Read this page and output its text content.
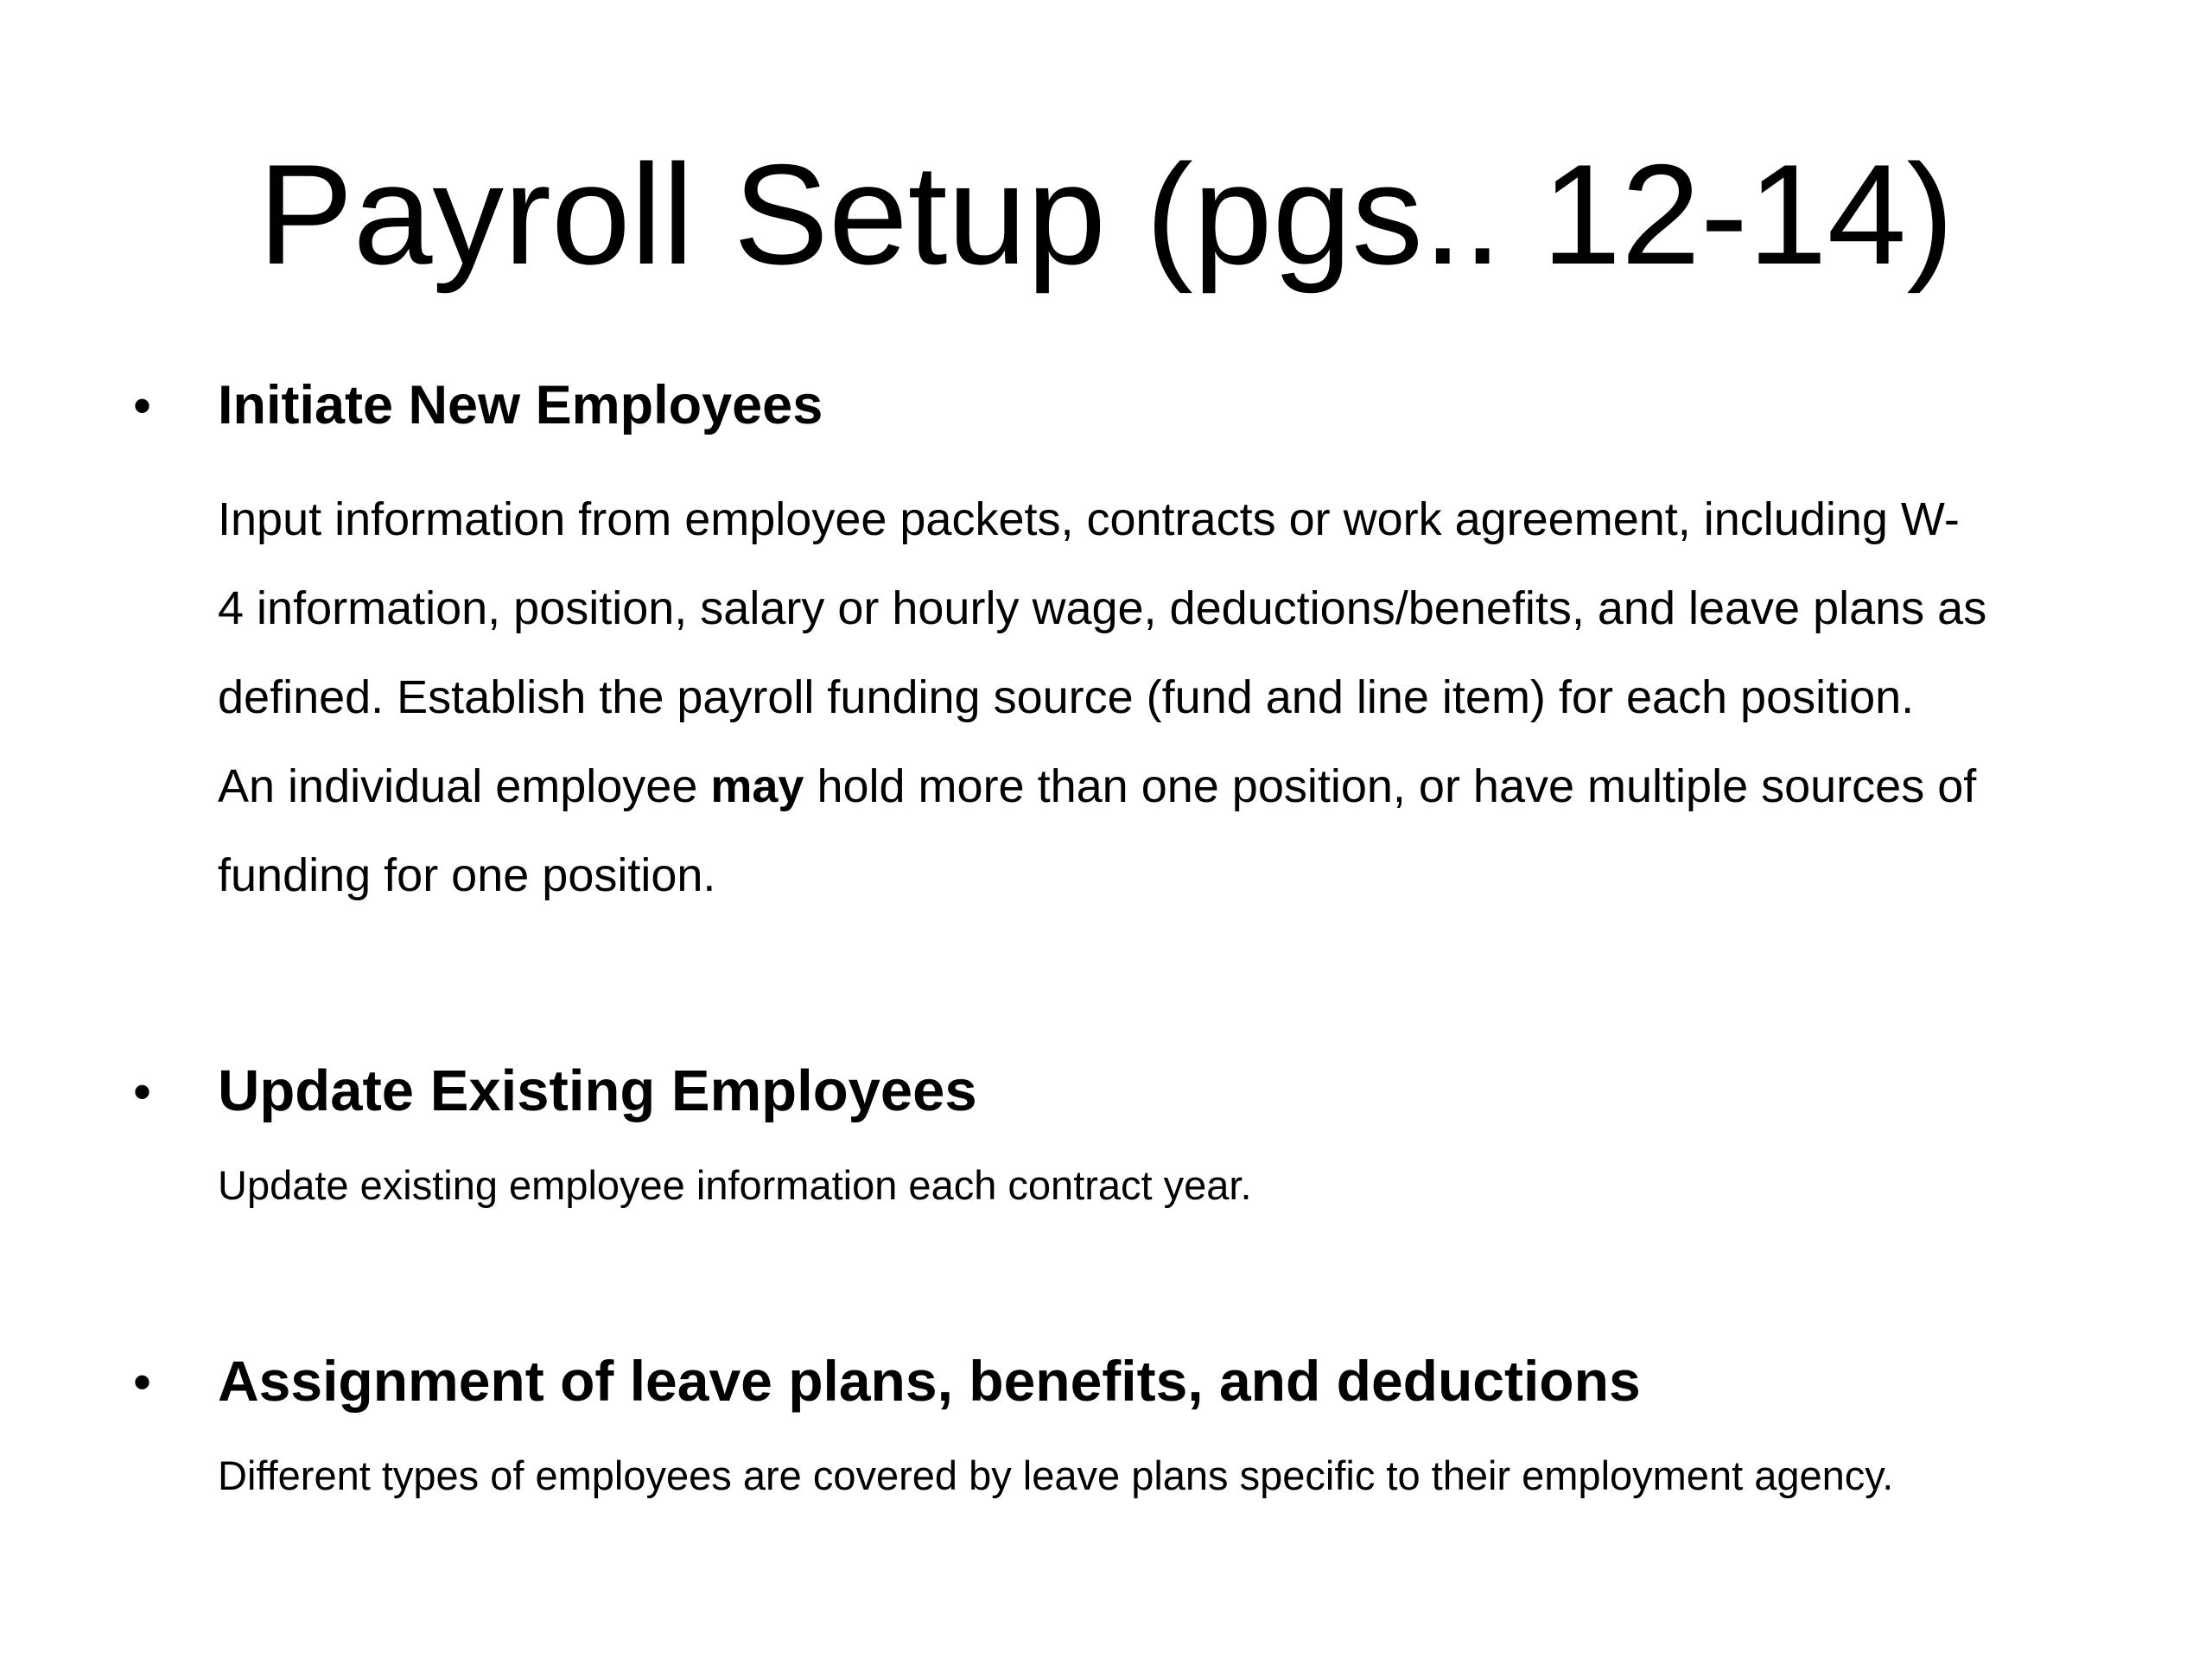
Payroll Setup (pgs.. 12-14)
• Initiate New Employees

Input information from employee packets, contracts or work agreement, including W-
4 information, position, salary or hourly wage, deductions/benefits, and leave plans as
defined. Establish the payroll funding source (fund and line item) for each position.
An individual employee may hold more than one position, or have multiple sources of
funding for one position.

• Update Existing Employees

Update existing employee information each contract year.

• Assignment of leave plans, benefits, and deductions

Different types of employees are covered by leave plans specific to their employment agency.
